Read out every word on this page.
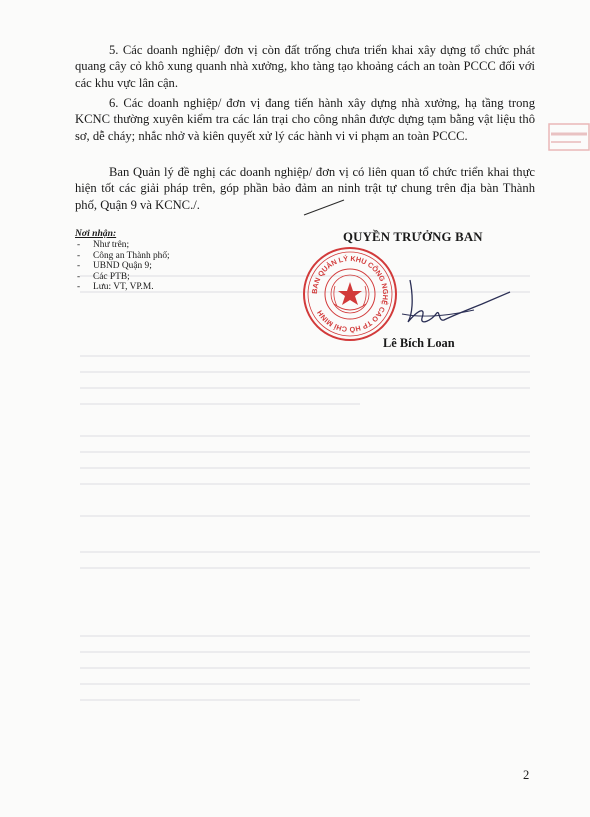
5. Các doanh nghiệp/ đơn vị còn đất trống chưa triển khai xây dựng tổ chức phát quang cây cỏ khô xung quanh nhà xưởng, kho tàng tạo khoảng cách an toàn PCCC đối với các khu vực lân cận.

6. Các doanh nghiệp/ đơn vị đang tiến hành xây dựng nhà xưởng, hạ tầng trong KCNC thường xuyên kiểm tra các lán trại cho công nhân được dựng tạm bằng vật liệu thô sơ, dễ cháy; nhắc nhở và kiên quyết xử lý các hành vi vi phạm an toàn PCCC.

Ban Quản lý đề nghị các doanh nghiệp/ đơn vị có liên quan tổ chức triển khai thực hiện tốt các giải pháp trên, góp phần bảo đảm an ninh trật tự chung trên địa bàn Thành phố, Quận 9 và KCNC./.

Nơi nhận:
- Như trên;
- Công an Thành phố;
- UBND Quận 9;
- Các PTB;
- Lưu: VT, VP.M.
QUYỀN TRƯỞNG BAN
BAN QUẢN LÝ KHU CÔNG NGHỆ CAO TP HỒ CHÍ MINH
Lê Bích Loan
2
